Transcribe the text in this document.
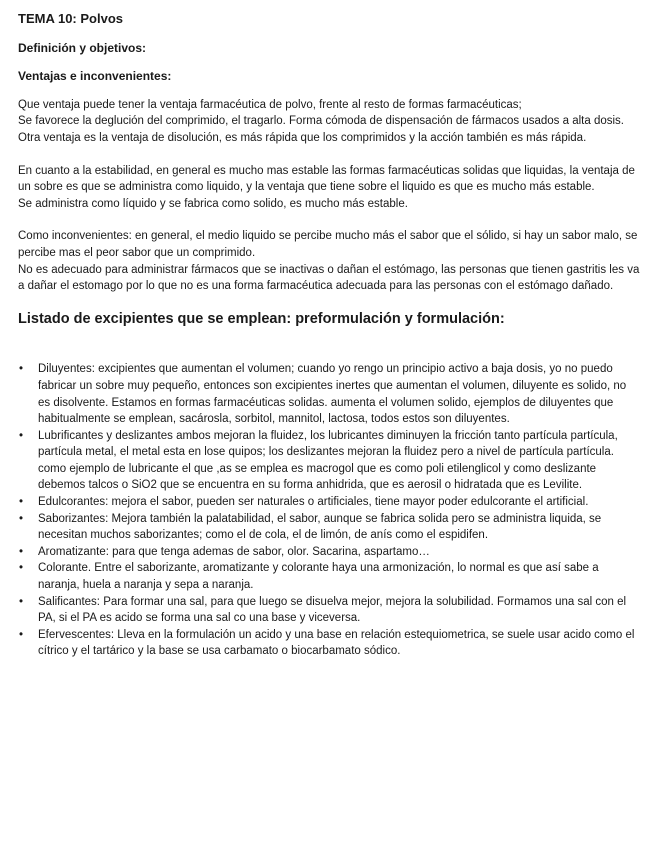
TEMA 10: Polvos
Definición y objetivos:
Ventajas e inconvenientes:

Que ventaja puede tener la ventaja farmacéutica de polvo, frente al resto de formas farmacéuticas;

Se favorece la deglución del comprimido, el tragarlo. Forma cómoda de dispensación de fármacos usados a alta dosis.

Otra ventaja es la ventaja de disolución, es más rápida que los comprimidos y la acción también es más rápida.

En cuanto a la estabilidad, en general es mucho mas estable las formas farmacéuticas solidas que liquidas, la ventaja de un sobre es que se administra como liquido, y la ventaja que tiene sobre el liquido es que es mucho más estable.

Se administra como líquido y se fabrica como solido, es mucho más estable.

Como inconvenientes: en general, el medio liquido se percibe mucho más el sabor que el sólido, si hay un sabor malo, se percibe mas el peor sabor que un comprimido.

No es adecuado para administrar fármacos que se inactivas o dañan el estómago, las personas que tienen gastritis les va a dañar el estomago por lo que no es una forma farmacéutica adecuada para las personas con el estómago dañado.

Listado de excipientes que se emplean: preformulación y formulación:
• Diluyentes: excipientes que aumentan el volumen; cuando yo rengo un principio activo a baja dosis, yo no puedo fabricar un sobre muy pequeño, entonces son excipientes inertes que aumentan el volumen, diluyente es solido, no es disolvente. Estamos en formas farmacéuticas solidas. aumenta el volumen solido, ejemplos de diluyentes que habitualmente se emplean, sacárosla, sorbitol, mannitol, lactosa, todos estos son diluyentes.
• Lubrificantes y deslizantes ambos mejoran la fluidez, los lubricantes diminuyen la fricción tanto partícula partícula, partícula metal, el metal esta en lose quipos; los deslizantes mejoran la fluidez pero a nivel de partícula partícula. como ejemplo de lubricante el que ,as se emplea es macrogol que es como poli etilenglicol y como deslizante debemos talcos o SiO2 que se encuentra en su forma anhidrida, que es aerosil o hidratada que es Levilite.
• Edulcorantes: mejora el sabor, pueden ser naturales o artificiales, tiene mayor poder edulcorante el artificial.
• Saborizantes: Mejora también la palatabilidad, el sabor, aunque se fabrica solida pero se administra liquida, se necesitan muchos saborizantes; como el de cola, el de limón, de anís como el espidifen.
• Aromatizante: para que tenga ademas de sabor, olor. Sacarina, aspartamo…
• Colorante. Entre el saborizante, aromatizante y colorante haya una armonización, lo normal es que así sabe a naranja, huela a naranja y sepa a naranja.
• Salificantes: Para formar una sal, para que luego se disuelva mejor, mejora la solubilidad. Formamos una sal con el PA, si el PA es acido se forma una sal co una base y viceversa.
• Efervescentes: Lleva en la formulación un acido y una base en relación estequiometrica, se suele usar acido como el cítrico y el tartárico y la base se usa carbamato o biocarbamato sódico.
